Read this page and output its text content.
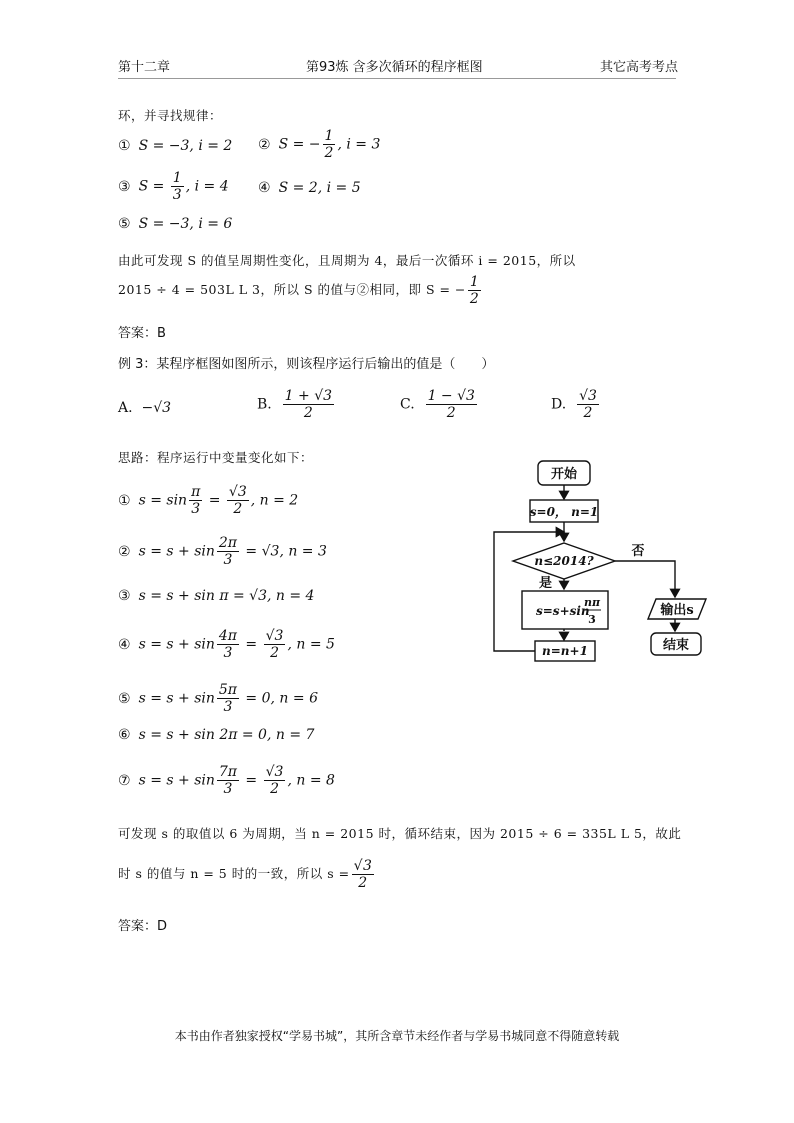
第十二章	第93炼 含多次循环的程序框图	其它高考考点
环，并寻找规律：
① S = −3, i = 2 ② S = − $\frac{1}{2}$ , i = 3
③ $S = \frac{1}{3}$ , i = 4 ④ S = 2, i = 5
⑤ S = −3, i = 6
由此可发现 S 的值呈周期性变化，且周期为 4，最后一次循环 i = 2015，所以
2015 ÷ 4 = 503L L 3，所以 S 的值与②相同，即 S = − $\frac{1}{2}$
答案：B
例 3：某程序框图如图所示，则该程序运行后输出的值是（　　）
A. −√3	B. $\frac{1 + √3}{2}$	C. $\frac{1 - √3}{2}$	D. $\frac{√3}{2}$
思路：程序运行中变量变化如下：
① $s = \sin \frac{\pi}{3} = \frac{√3}{2}$ , n = 2
② $s = s + \sin \frac{2\pi}{3} = √3$, n = 3
③ s = s + sin π = √3, n = 4
④ $s = s + \sin \frac{4\pi}{3} = \frac{√3}{2}$ , n = 5
⑤ $s = s + \sin \frac{5\pi}{3} = 0$, n = 6
⑥ s = s + sin 2π = 0, n = 7
⑦ $s = s + \sin \frac{7\pi}{3} = \frac{√3}{2}$ , n = 8
可发现 s 的取值以 6 为周期，当 n = 2015 时，循环结束，因为 2015 ÷ 6 = 335L L 5，故此
时 s 的值与 n = 5 时的一致，所以 $s = \frac{√3}{2}$
答案：D
开始
s=0， n=1
n≤2014?
是
否
s=s+sin
nπ
3
n=n+1
输出s
结束
本书由作者独家授权“学易书城”，其所含章节未经作者与学易书城同意不得随意转载
